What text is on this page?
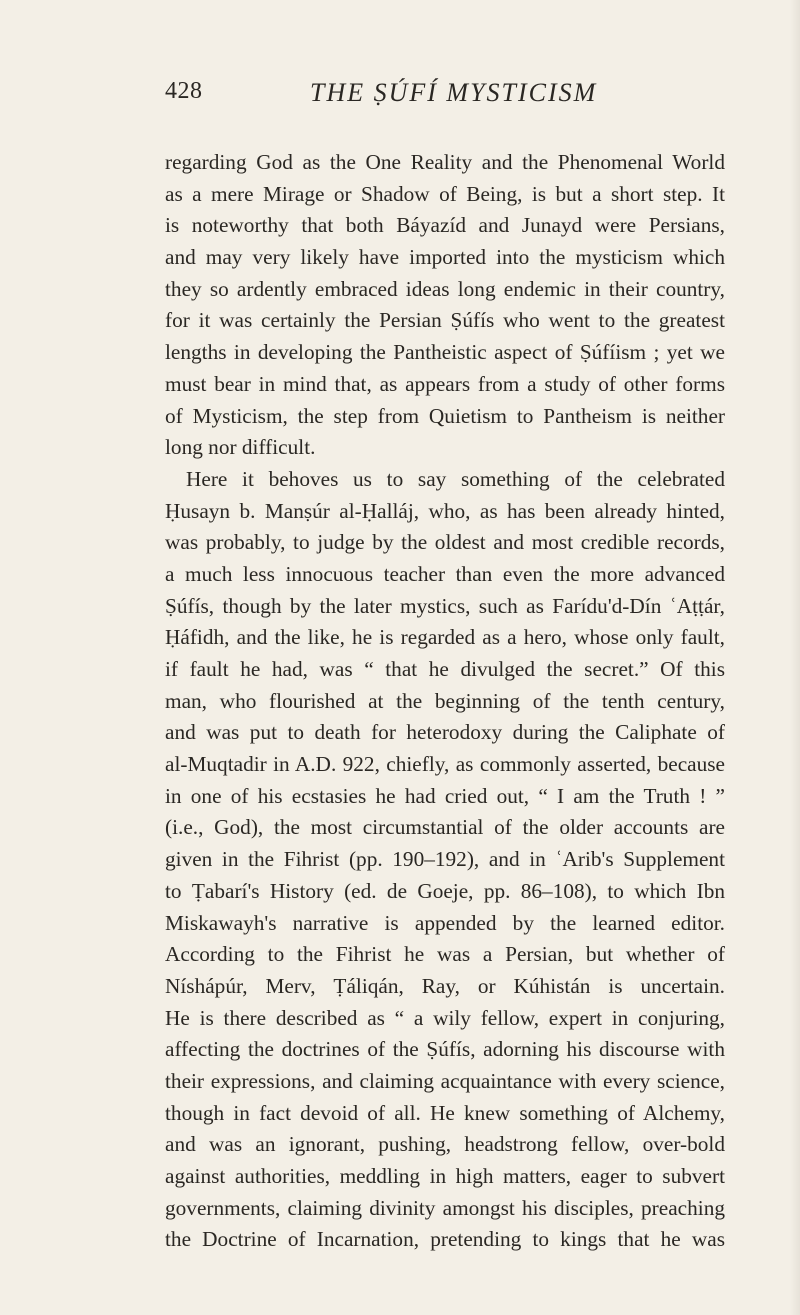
428	THE ṢÚFÍ MYSTICISM
regarding God as the One Reality and the Phenomenal World
as a mere Mirage or Shadow of Being, is but a short step. It
is noteworthy that both Báyazíd and Junayd were Persians,
and may very likely have imported into the mysticism which
they so ardently embraced ideas long endemic in their country,
for it was certainly the Persian Ṣúfís who went to the greatest
lengths in developing the Pantheistic aspect of Ṣúfíism ; yet we
must bear in mind that, as appears from a study of other forms
of Mysticism, the step from Quietism to Pantheism is neither
long nor difficult.
Here it behoves us to say something of the celebrated
Ḥusayn b. Manṣúr al-Ḥalláj, who, as has been already hinted,
was probably, to judge by the oldest and most credible records,
a much less innocuous teacher than even the more advanced
Ṣúfís, though by the later mystics, such as Farídu'd-Dín ʿAṭṭár,
Ḥáfidh, and the like, he is regarded as a hero, whose only fault,
if fault he had, was “ that he divulged the secret.” Of this
man, who flourished at the beginning of the tenth century,
and was put to death for heterodoxy during the Caliphate of
al-Muqtadir in A.D. 922, chiefly, as commonly asserted, because
in one of his ecstasies he had cried out, “ I am the Truth ! ”
(i.e., God), the most circumstantial of the older accounts are
given in the Fihrist (pp. 190–192), and in ʿArib's Supplement
to Ṭabarí's History (ed. de Goeje, pp. 86–108), to which Ibn
Miskawayh's narrative is appended by the learned editor.
According to the Fihrist he was a Persian, but whether of
Níshápúr, Merv, Ṭáliqán, Ray, or Kúhistán is uncertain.
He is there described as “ a wily fellow, expert in conjuring,
affecting the doctrines of the Ṣúfís, adorning his discourse with
their expressions, and claiming acquaintance with every science,
though in fact devoid of all. He knew something of Alchemy,
and was an ignorant, pushing, headstrong fellow, over-bold
against authorities, meddling in high matters, eager to subvert
governments, claiming divinity amongst his disciples, preaching
the Doctrine of Incarnation, pretending to kings that he was
